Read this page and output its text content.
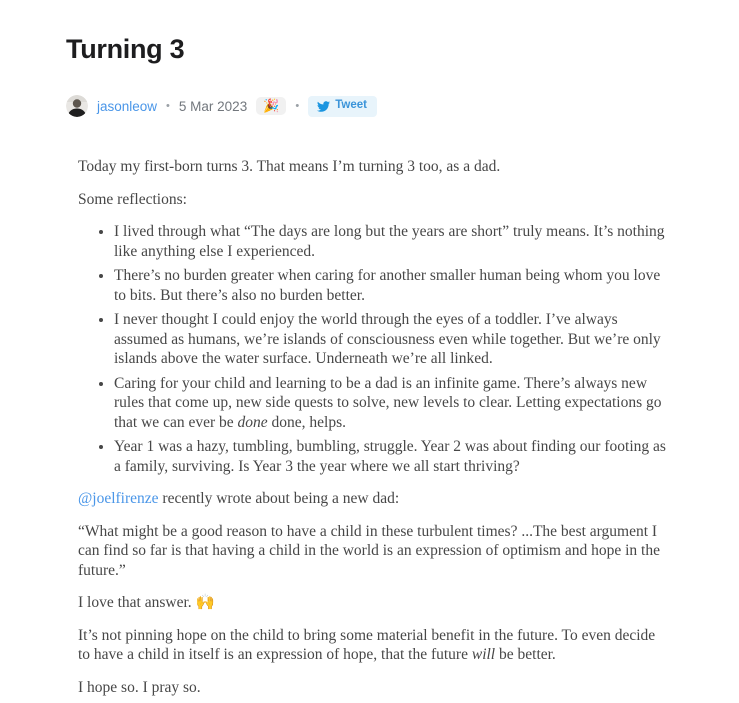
Turning 3
jasonleow • 5 Mar 2023	🎉	•	Tweet

Today my first-born turns 3. That means I’m turning 3 too, as a dad.

Some reflections:

• I lived through what “The days are long but the years are short” truly means. It’s nothing like anything else I experienced.
• There’s no burden greater when caring for another smaller human being whom you love to bits. But there’s also no burden better.
• I never thought I could enjoy the world through the eyes of a toddler. I’ve always assumed as humans, we’re islands of consciousness even while together. But we’re only islands above the water surface. Underneath we’re all linked.
• Caring for your child and learning to be a dad is an infinite game. There’s always new rules that come up, new side quests to solve, new levels to clear. Letting expectations go that we can ever be done done, helps.
• Year 1 was a hazy, tumbling, bumbling, struggle. Year 2 was about finding our footing as a family, surviving. Is Year 3 the year where we all start thriving?

@joelfirenze recently wrote about being a new dad:

“What might be a good reason to have a child in these turbulent times? ...The best argument I can find so far is that having a child in the world is an expression of optimism and hope in the future.”

I love that answer. 🙌

It’s not pinning hope on the child to bring some material benefit in the future. To even decide to have a child in itself is an expression of hope, that the future will be better.

I hope so. I pray so.
